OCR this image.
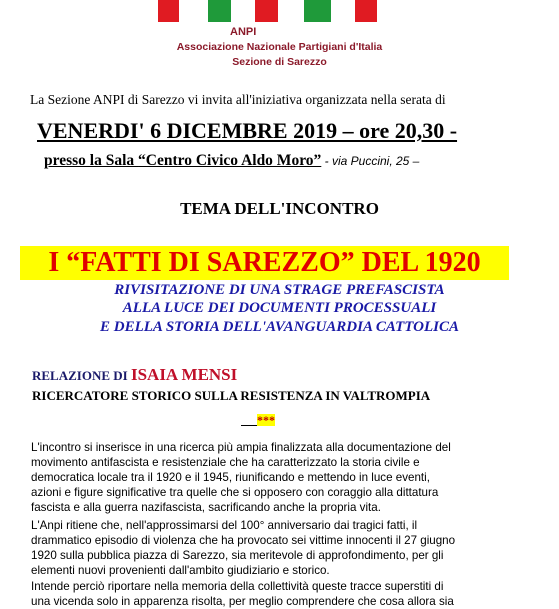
ANPI
Associazione Nazionale Partigiani d'Italia
Sezione di Sarezzo
La Sezione ANPI di Sarezzo vi invita all'iniziativa organizzata nella serata di
VENERDI' 6 DICEMBRE 2019 – ore 20,30 -
presso la Sala “Centro Civico Aldo Moro” - via Puccini, 25 –
TEMA DELL'INCONTRO
I “FATTI DI SAREZZO” DEL 1920
RIVISITAZIONE DI UNA STRAGE PREFASCISTA
ALLA LUCE DEI DOCUMENTI PROCESSUALI
E DELLA STORIA DELL'AVANGUARDIA CATTOLICA
RELAZIONE DI ISAIA MENSI
RICERCATORE STORICO SULLA RESISTENZA IN VALTROMPIA
***
L'incontro si inserisce in una ricerca più ampia finalizzata alla documentazione del
movimento antifascista e resistenziale che ha caratterizzato la storia civile e
democratica locale tra il 1920 e il 1945, riunificando e mettendo in luce eventi,
azioni e figure significative tra quelle che si opposero con coraggio alla dittatura
fascista e alla guerra nazifascista, sacrificando anche la propria vita.
L'Anpi ritiene che, nell'approssimarsi del 100° anniversario dai tragici fatti, il
drammatico episodio di violenza che ha provocato sei vittime innocenti il 27 giugno
1920 sulla pubblica piazza di Sarezzo, sia meritevole di approfondimento, per gli
elementi nuovi provenienti dall'ambito giudiziario e storico.
Intende perciò riportare nella memoria della collettività queste tracce superstiti di
una vicenda solo in apparenza risolta, per meglio comprendere che cosa allora sia
